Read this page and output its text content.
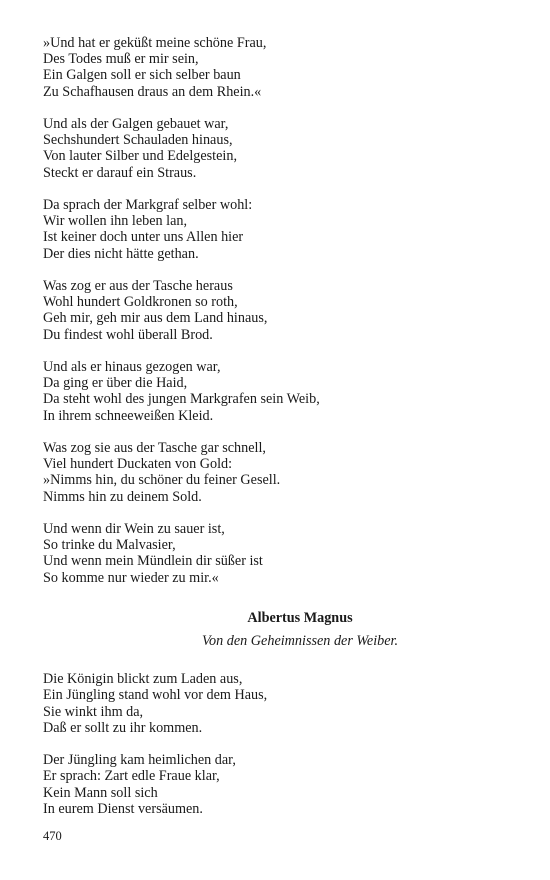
»Und hat er geküßt meine schöne Frau,
Des Todes muß er mir sein,
Ein Galgen soll er sich selber baun
Zu Schafhausen draus an dem Rhein.«
Und als der Galgen gebauet war,
Sechshundert Schauladen hinaus,
Von lauter Silber und Edelgestein,
Steckt er darauf ein Straus.
Da sprach der Markgraf selber wohl:
Wir wollen ihn leben lan,
Ist keiner doch unter uns Allen hier
Der dies nicht hätte gethan.
Was zog er aus der Tasche heraus
Wohl hundert Goldkronen so roth,
Geh mir, geh mir aus dem Land hinaus,
Du findest wohl überall Brod.
Und als er hinaus gezogen war,
Da ging er über die Haid,
Da steht wohl des jungen Markgrafen sein Weib,
In ihrem schneeweißen Kleid.
Was zog sie aus der Tasche gar schnell,
Viel hundert Duckaten von Gold:
»Nimms hin, du schöner du feiner Gesell.
Nimms hin zu deinem Sold.
Und wenn dir Wein zu sauer ist,
So trinke du Malvasier,
Und wenn mein Mündlein dir süßer ist
So komme nur wieder zu mir.«
Albertus Magnus
Von den Geheimnissen der Weiber.
Die Königin blickt zum Laden aus,
Ein Jüngling stand wohl vor dem Haus,
Sie winkt ihm da,
Daß er sollt zu ihr kommen.
Der Jüngling kam heimlichen dar,
Er sprach: Zart edle Fraue klar,
Kein Mann soll sich
In eurem Dienst versäumen.
470
